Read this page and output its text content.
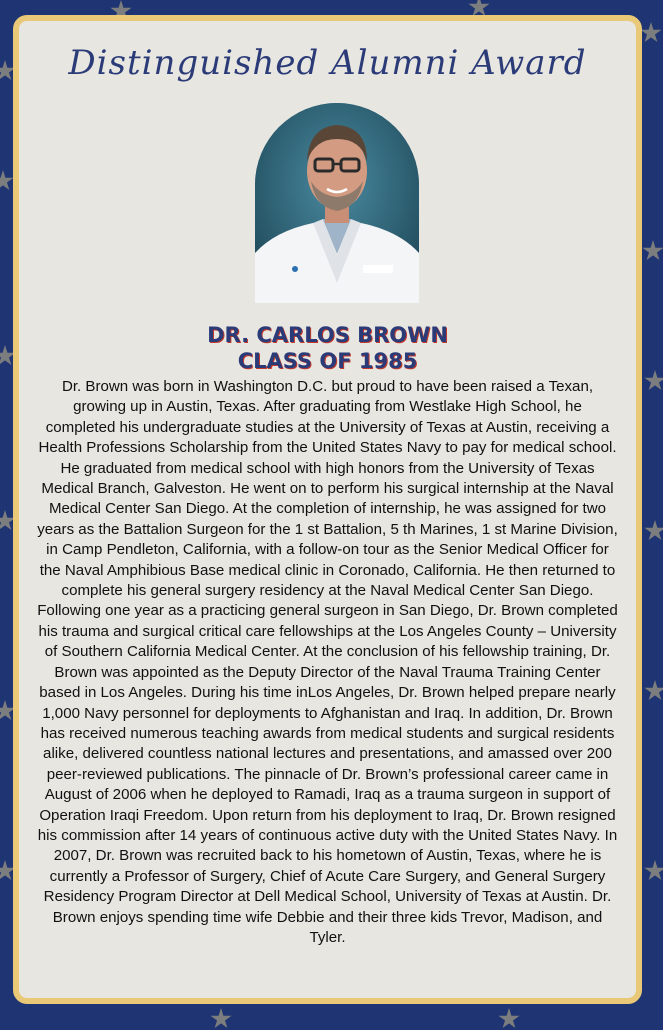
Distinguished Alumni Award
DR. CARLOS BROWN
CLASS OF 1985
Dr. Brown was born in Washington D.C. but proud to have been raised a Texan, growing up in Austin, Texas. After graduating from Westlake High School, he completed his undergraduate studies at the University of Texas at Austin, receiving a Health Professions Scholarship from the United States Navy to pay for medical school. He graduated from medical school with high honors from the University of Texas Medical Branch, Galveston. He went on to perform his surgical internship at the Naval Medical Center San Diego. At the completion of internship, he was assigned for two years as the Battalion Surgeon for the 1 st Battalion, 5 th Marines, 1 st Marine Division, in Camp Pendleton, California, with a follow-on tour as the Senior Medical Officer for the Naval Amphibious Base medical clinic in Coronado, California. He then returned to complete his general surgery residency at the Naval Medical Center San Diego. Following one year as a practicing general surgeon in San Diego, Dr. Brown completed his trauma and surgical critical care fellowships at the Los Angeles County – University of Southern California Medical Center. At the conclusion of his fellowship training, Dr. Brown was appointed as the Deputy Director of the Naval Trauma Training Center based in Los Angeles. During his time inLos Angeles, Dr. Brown helped prepare nearly 1,000 Navy personnel for deployments to Afghanistan and Iraq. In addition, Dr. Brown has received numerous teaching awards from medical students and surgical residents alike, delivered countless national lectures and presentations, and amassed over 200 peer-reviewed publications. The pinnacle of Dr. Brown’s professional career came in August of 2006 when he deployed to Ramadi, Iraq as a trauma surgeon in support of Operation Iraqi Freedom. Upon return from his deployment to Iraq, Dr. Brown resigned his commission after 14 years of continuous active duty with the United States Navy. In 2007, Dr. Brown was recruited back to his hometown of Austin, Texas, where he is currently a Professor of Surgery, Chief of Acute Care Surgery, and General Surgery Residency Program Director at Dell Medical School, University of Texas at Austin. Dr. Brown enjoys spending time wife Debbie and their three kids Trevor, Madison, and Tyler.
